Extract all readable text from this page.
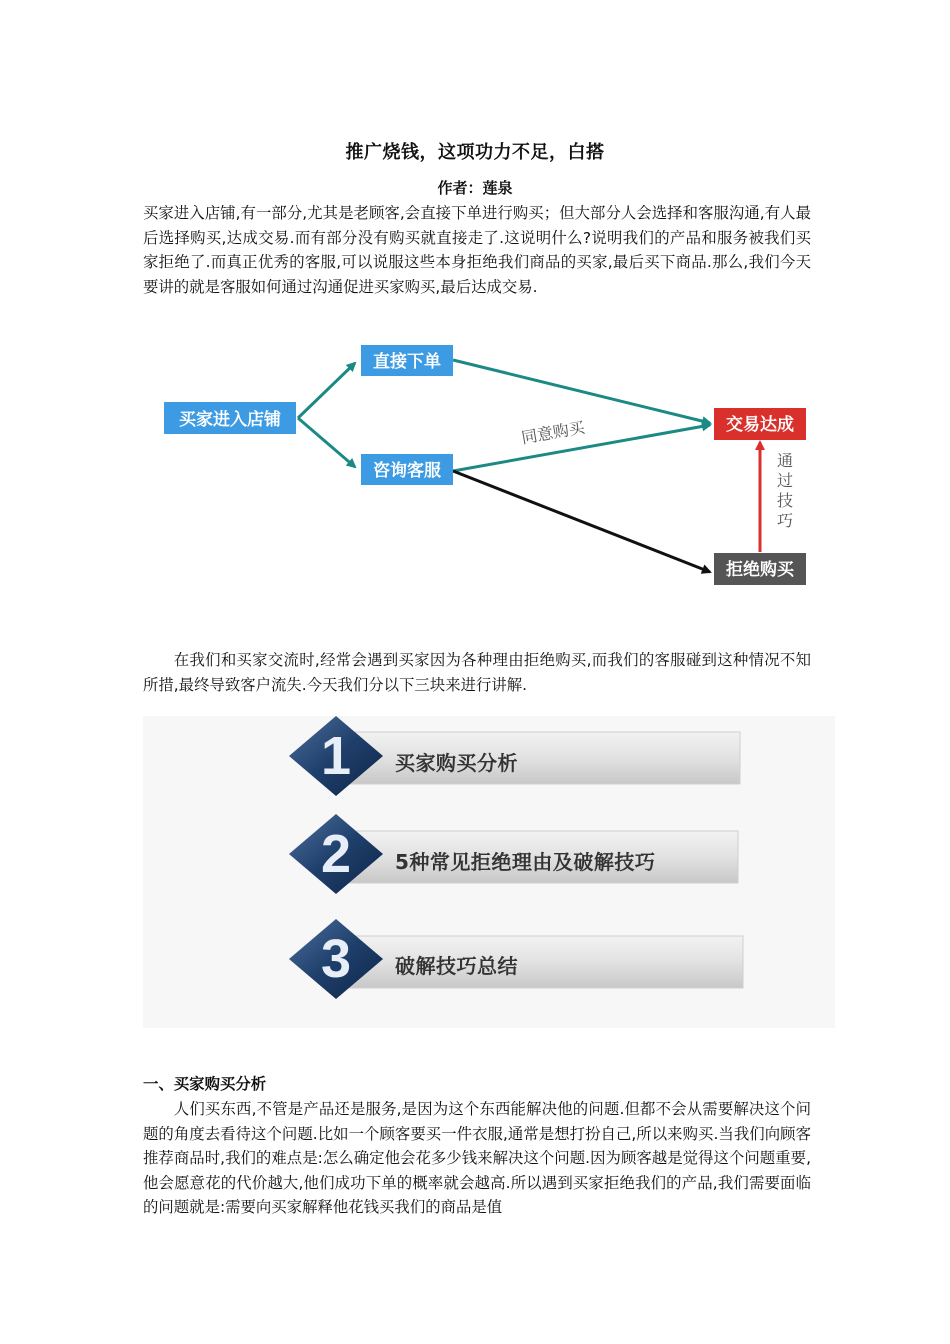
推广烧钱，这项功力不足，白搭
作者：莲泉
买家进入店铺,有一部分,尤其是老顾客,会直接下单进行购买；但大部分人会选择和客服沟通,有人最后选择购买,达成交易.而有部分没有购买就直接走了.这说明什么?说明我们的产品和服务被我们买家拒绝了.而真正优秀的客服,可以说服这些本身拒绝我们商品的买家,最后买下商品.那么,我们今天要讲的就是客服如何通过沟通促进买家购买,最后达成交易.
买家进入店铺
直接下单
咨询客服
交易达成
拒绝购买
同意购买
通过技巧
在我们和买家交流时,经常会遇到买家因为各种理由拒绝购买,而我们的客服碰到这种情况不知所措,最终导致客户流失.今天我们分以下三块来进行讲解.
1
2
3
买家购买分析
5种常见拒绝理由及破解技巧
破解技巧总结
一、买家购买分析
人们买东西,不管是产品还是服务,是因为这个东西能解决他的问题.但都不会从需要解决这个问题的角度去看待这个问题.比如一个顾客要买一件衣服,通常是想打扮自己,所以来购买.当我们向顾客推荐商品时,我们的难点是:怎么确定他会花多少钱来解决这个问题.因为顾客越是觉得这个问题重要,他会愿意花的代价越大,他们成功下单的概率就会越高.所以遇到买家拒绝我们的产品,我们需要面临的问题就是:需要向买家解释他花钱买我们的商品是值
